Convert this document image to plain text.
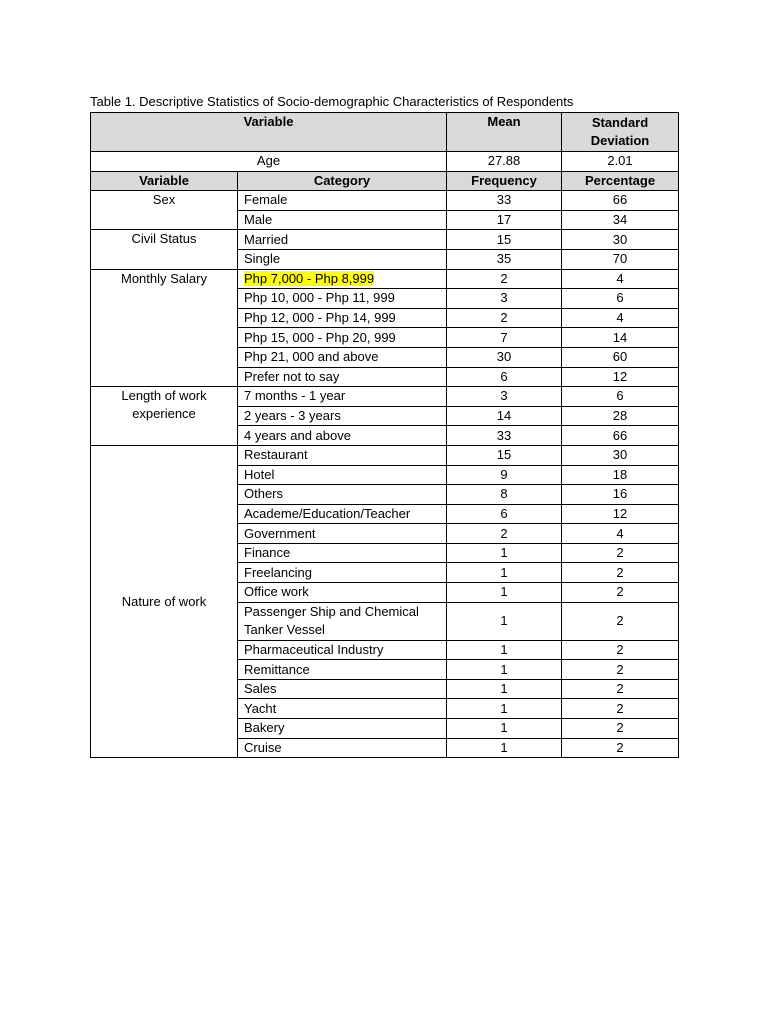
Table 1. Descriptive Statistics of Socio-demographic Characteristics of Respondents
Variable		Mean	Standard
Deviation
Age		27.88	2.01
Variable	Category	Frequency	Percentage
Sex	Female	33	66
	Male	17	34
Civil Status	Married	15	30
	Single	35	70
Monthly Salary	Php 7,000 - Php 8,999	2	4
	Php 10, 000 - Php 11, 999	3	6
	Php 12, 000 - Php 14, 999	2	4
	Php 15, 000 - Php 20, 999	7	14
	Php 21, 000 and above	30	60
	Prefer not to say	6	12
Length of work
experience	7 months - 1 year	3	6
	2 years - 3 years	14	28
	4 years and above	33	66
Nature of work	Restaurant	15	30
	Hotel	9	18
	Others	8	16
	Academe/Education/Teacher	6	12
	Government	2	4
	Finance	1	2
	Freelancing	1	2
	Office work	1	2
	Passenger Ship and Chemical
Tanker Vessel	1	2
	Pharmaceutical Industry	1	2
	Remittance	1	2
	Sales	1	2
	Yacht	1	2
	Bakery	1	2
	Cruise	1	2
